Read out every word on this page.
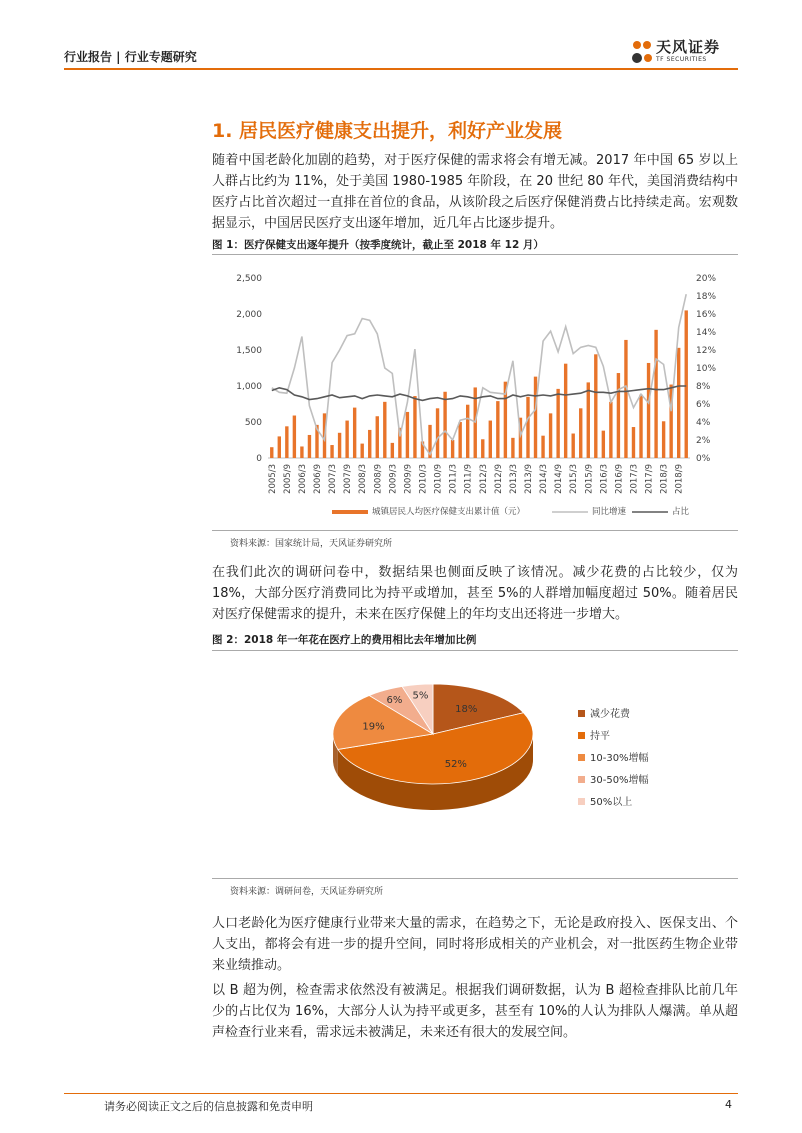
行业报告 | 行业专题研究
天风证券
TF SECURITIES
1. 居民医疗健康支出提升，利好产业发展
随着中国老龄化加剧的趋势，对于医疗保健的需求将会有增无减。2017 年中国 65 岁以上人群占比约为 11%，处于美国 1980-1985 年阶段，在 20 世纪 80 年代，美国消费结构中医疗占比首次超过一直排在首位的食品，从该阶段之后医疗保健消费占比持续走高。宏观数据显示，中国居民医疗支出逐年增加，近几年占比逐步提升。
图 1：医疗保健支出逐年提升（按季度统计，截止至 2018 年 12 月）
0
500
1,000
1,500
2,000
2,500
0%
2%
4%
6%
8%
10%
12%
14%
16%
18%
20%
2005/3 2005/9 2006/3 2006/9 2007/3 2007/9 2008/3 2008/9 2009/3 2009/9 2010/3 2010/9 2011/3 2011/9 2012/3 2012/9 2013/3 2013/9 2014/3 2014/9 2015/3 2015/9 2016/3 2016/9 2017/3 2017/9 2018/3 2018/9
城镇居民人均医疗保健支出累计值（元）	同比增速	占比
资料来源：国家统计局，天风证券研究所
在我们此次的调研问卷中，数据结果也侧面反映了该情况。减少花费的占比较少，仅为 18%，大部分医疗消费同比为持平或增加，甚至 5%的人群增加幅度超过 50%。随着居民对医疗保健需求的提升，未来在医疗保健上的年均支出还将进一步增大。
图 2：2018 年一年花在医疗上的费用相比去年增加比例
18%
52%
19%
6% 5%
减少花费
持平
10-30%增幅
30-50%增幅
50%以上
资料来源：调研问卷，天风证券研究所
人口老龄化为医疗健康行业带来大量的需求，在趋势之下，无论是政府投入、医保支出、个人支出，都将会有进一步的提升空间，同时将形成相关的产业机会，对一批医药生物企业带来业绩推动。
以 B 超为例，检查需求依然没有被满足。根据我们调研数据，认为 B 超检查排队比前几年少的占比仅为 16%，大部分人认为持平或更多，甚至有 10%的人认为排队人爆满。单从超声检查行业来看，需求远未被满足，未来还有很大的发展空间。
请务必阅读正文之后的信息披露和免责申明	4
